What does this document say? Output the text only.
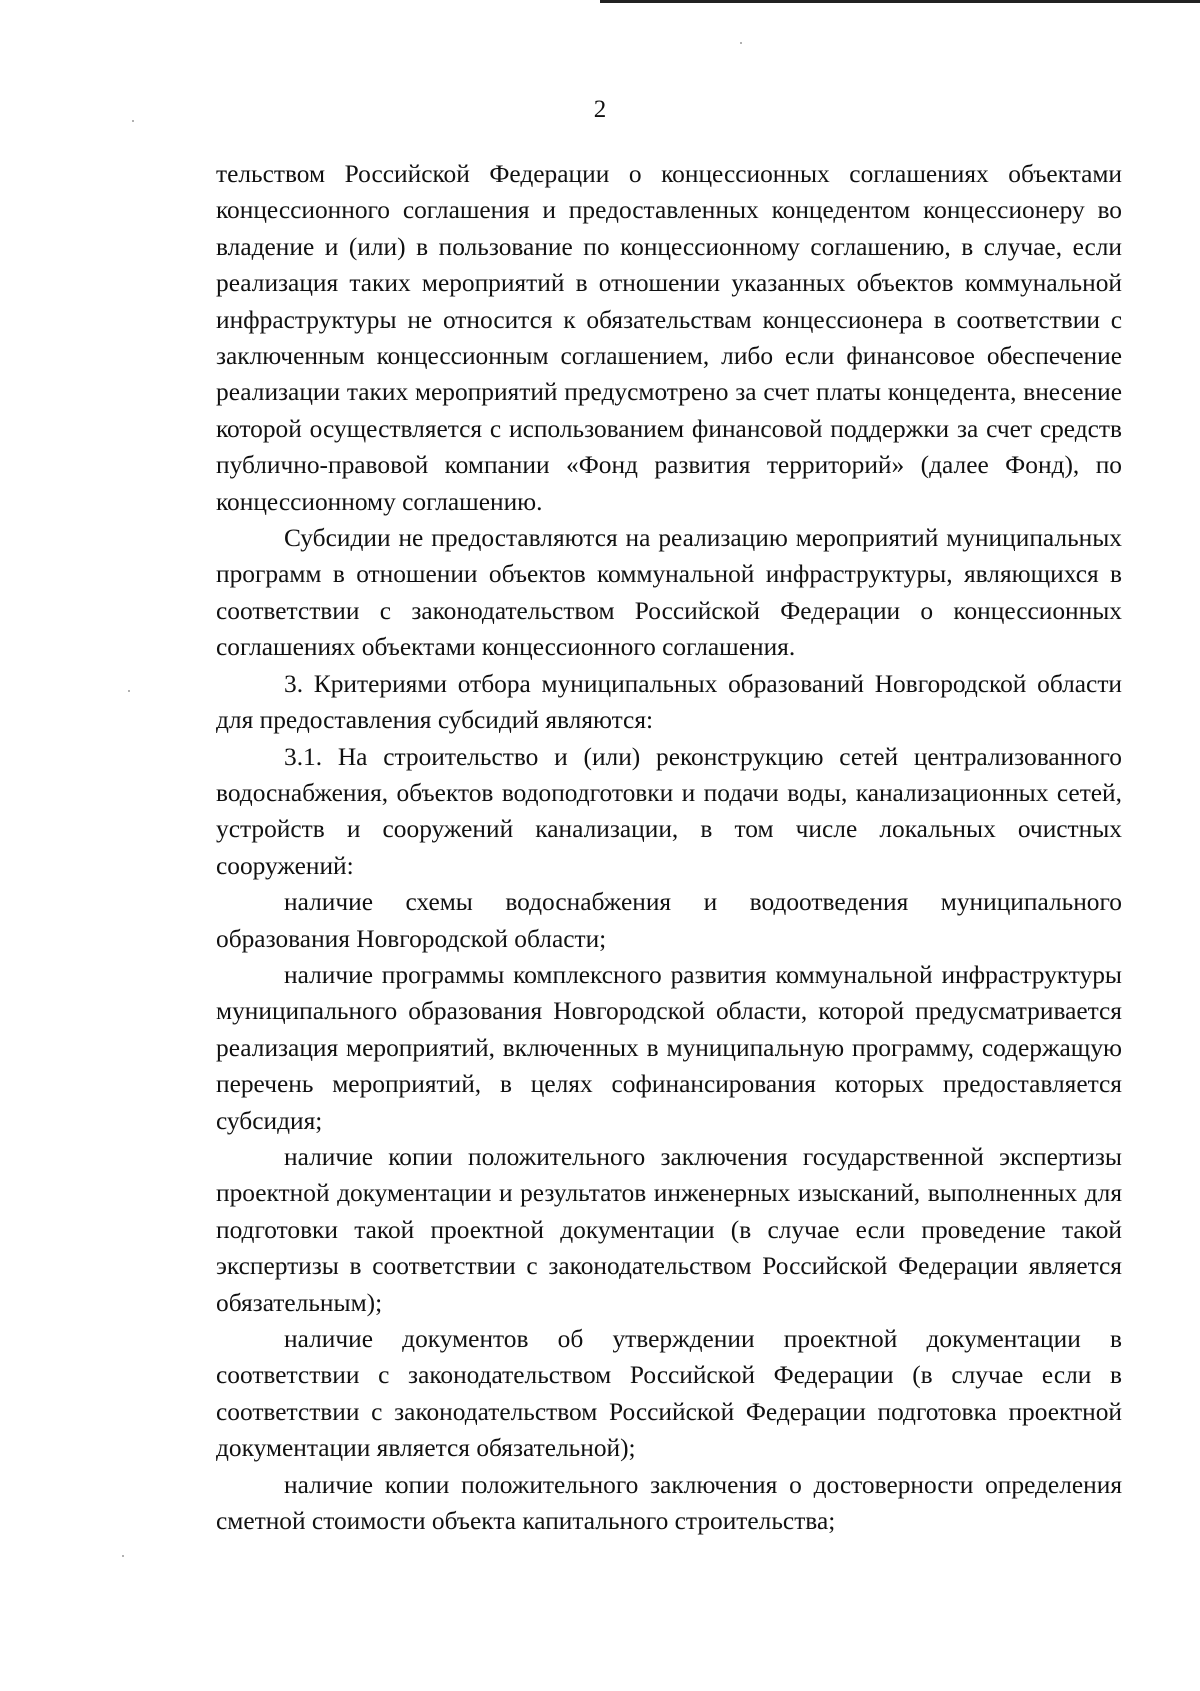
2

тельством Российской Федерации о концессионных соглашениях объектами концессионного соглашения и предоставленных концедентом концессионеру во владение и (или) в пользование по концессионному соглашению, в случае, если реализация таких мероприятий в отношении указанных объектов коммунальной инфраструктуры не относится к обязательствам концессионера в соответствии с заключенным концессионным соглашением, либо если финансовое обеспечение реализации таких мероприятий предусмотрено за счет платы концедента, внесение которой осуществляется с использованием финансовой поддержки за счет средств публично-правовой компании «Фонд развития территорий» (далее Фонд), по концессионному соглашению.

Субсидии не предоставляются на реализацию мероприятий муниципальных программ в отношении объектов коммунальной инфраструктуры, являющихся в соответствии с законодательством Российской Федерации о концессионных соглашениях объектами концессионного соглашения.

3. Критериями отбора муниципальных образований Новгородской области для предоставления субсидий являются:

3.1. На строительство и (или) реконструкцию сетей централизованного водоснабжения, объектов водоподготовки и подачи воды, канализационных сетей, устройств и сооружений канализации, в том числе локальных очистных сооружений:

наличие схемы водоснабжения и водоотведения муниципального образования Новгородской области;

наличие программы комплексного развития коммунальной инфраструктуры муниципального образования Новгородской области, которой предусматривается реализация мероприятий, включенных в муниципальную программу, содержащую перечень мероприятий, в целях софинансирования которых предоставляется субсидия;

наличие копии положительного заключения государственной экспертизы проектной документации и результатов инженерных изысканий, выполненных для подготовки такой проектной документации (в случае если проведение такой экспертизы в соответствии с законодательством Российской Федерации является обязательным);

наличие документов об утверждении проектной документации в соответствии с законодательством Российской Федерации (в случае если в соответствии с законодательством Российской Федерации подготовка проектной документации является обязательной);

наличие копии положительного заключения о достоверности определения сметной стоимости объекта капитального строительства;
